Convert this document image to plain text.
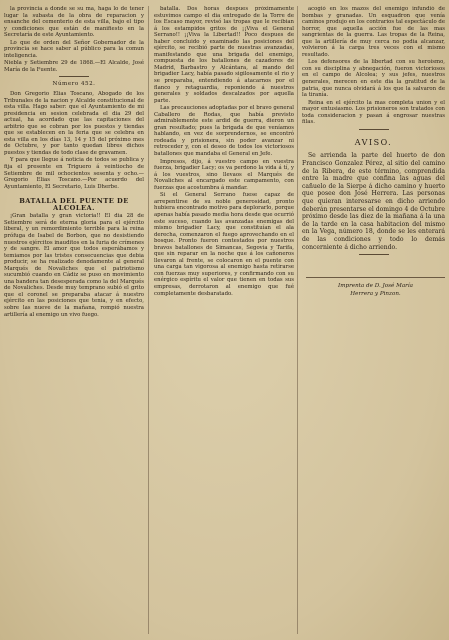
la provincia a donde se su ma, haga lo de tener lugar la subasta de la obra de reparacion y ensanche del cementerio de esta villa, bajo el tipo y condiciones que están de manifiesto en la Secretaría de este Ayuntamiento.

Lo que de orden del Señor Gobernador de la provincia se hace saber al público para la comun inteligencia.

Niebla y Setiembre 29 de 1868.—El Alcalde, José María de la Fuente.

Número 452.

Don Gregorio Elias Toscano, Abogado de los Tribunales de la nacion y Alcalde constitucional de esta villa. Hago saber: que el Ayuntamiento de mi presidencia en sesion celebrada el dia 29 del actual, ha acordado que las capitaciones del arbitrio que se cobran por los puestos y tiendas que se establecen en la feria que se celebra en esta villa en los días 13, 14 y 15 del próximo mes de Octubre, y por tanto quedan libres dichos puestos y tiendas de todo clase de gravamen.

Y para que llegue á noticia de todos se publica y fija el presente en Triguero á veintiocho de Setiembre de mil ochocientos sesenta y ocho.—Gregorio Elias Toscano.—Por acuerdo del Ayuntamiento, El Secretario, Luis Dherbe.

BATALLA DEL PUENTE DE ALCOLEA.

¡Gran batalla y gran victoria!! El dia 28 de Setiembre será de eterna gloria para el ejército liberal, y un remordimiento terrible para la reina prófuga de Isabel de Borbon, que no desistiendo nuestros ejércitos inauditos en la furia de crímenes y de sangre. El amor que todos esperábamos y temiamos por las tristes consecuencias que debia producir, se ha realizado denodamente al general Marqués de Novaliches que el patriotismo sucumbió cuando en Cádiz se puso en movimiento una bandera tan desesperada como la del Marqués de Novaliches. Desde muy temprano subió el grito que el coronel se preparaba atacar á nuestro ejército en las posiciones que tenia, y en efecto, sobre las nueve de la mañana, rompió nuestra artillería al enemigo un vivo fuego.

batalla. Dos horas despues próximamente estuvimos campo el dia entregado de la Torre de los Escaso mayor, revisó las tropas que le recibian á los estampidos gritos de ¡¡Viva el General Serrano!! ¡¡Viva la Libertad!! Poco despues de haber concluido y examinado las posiciones del ejército, se recibió parte de nuestras avanzadas, manifestando que una brigada del enemigo, compuesta de los batallones de cazadores de Madrid, Barbastro y Alcántara, al mando del brigadier Lacy, había pasado sigilosamente el rio y se preparaba, entendiendo á atacarnos por el flanco y retaguardia, reponiendo á nuestros generales y soldados descalzados por aquella parte.

Las precauciones adoptadas por el bravo general Caballero de Rodas, que había previsto admirablemente este ardid de guerra, dieron un gran resultado; pues la brigada de que veníamos hablando, en vez de sorprendernos, se encontró rodeada y prisionera, sin poder avanzar ni retroceder y, con el deseo de todos los victoriosos batallones que mandaba el General en Jefe.

Impresos, dijo, á vuestro campo en vuestra fuerza, brigadier Lacy; os va perdono la vida á tí, y á los vuestros, sino llevaos el Marqués de Novaliches al encargado este campamento, con fuerzas que acostumbra á mandar.

Si el General Serrano fuese capaz de arrepentirse de su noble generosidad, pronto hubiera encontrado motivo para deplorarlo, porque apenas había pasado media hora desde que ocurrió este suceso, cuando las avanzadas enemigas del mismo brigadier Lacy, que constituían el ala derecha, comenzaron el fuego aprovechando en el bosque. Pronto fueron contestados por nuestros bravos batallones de Simancas, Segovia y Tarifa, que sin reparar en la noche que á los cañoneros llevaron al frente, se colocaron en el puente con una carga tan vigorosa al enemigo hasta retirarse con fuerzas muy superiores, y confirmando con su enérgico espíritu el valor que tienen en todas sus empresas, derrotaron al enemigo que fué completamente desbaratado.

acogió en los mazos del enemigo infundió de bombas y granadas. Un esquadron que venía caminos produjo en los contrarios tal espectáculo de horror, que aquella acción fue de las mas sangrientas de la guerra. Las tropas de la Reina, que la artillería de muy cerca no podia alcanzar, volvieron á la carga tres veces con el mismo resultado.

Los defensores de la libertad con su heroismo, con su disciplina y abnegación, fueron victoriosos en el campo de Alcolea; y sus jefes, nuestros generales, merecen en este dia la gratitud de la patria, que nunca olvidará á los que la salvaron de la tiranía.

Reina en el ejército la mas completa union y el mayor entusiasmo. Los prisioneros son tratados con toda consideracion y pasan á engrosar nuestras filas.

AVISO.

Se arrienda la parte del huerto de don Francisco Gonzalez Pérez, al sitio del camino de la Ribera, de este término, comprendida entre la madre que confina las aguas del cañuelo de la Sierpe á dicho camino y huerto que posee don José Herrera. Las personas que quieran interesarse en dicho arriendo deberán presentarse el domingo 4 de Octubre próximo desde las diez de la mañana á la una de la tarde en la casa habitacion del mismo en la Vega, número 18, donde se les enterará de las condiciones y todo lo demás concerniente á dicho arriendo.

Imprenta de D. José María
Herrera y Pinzon.
